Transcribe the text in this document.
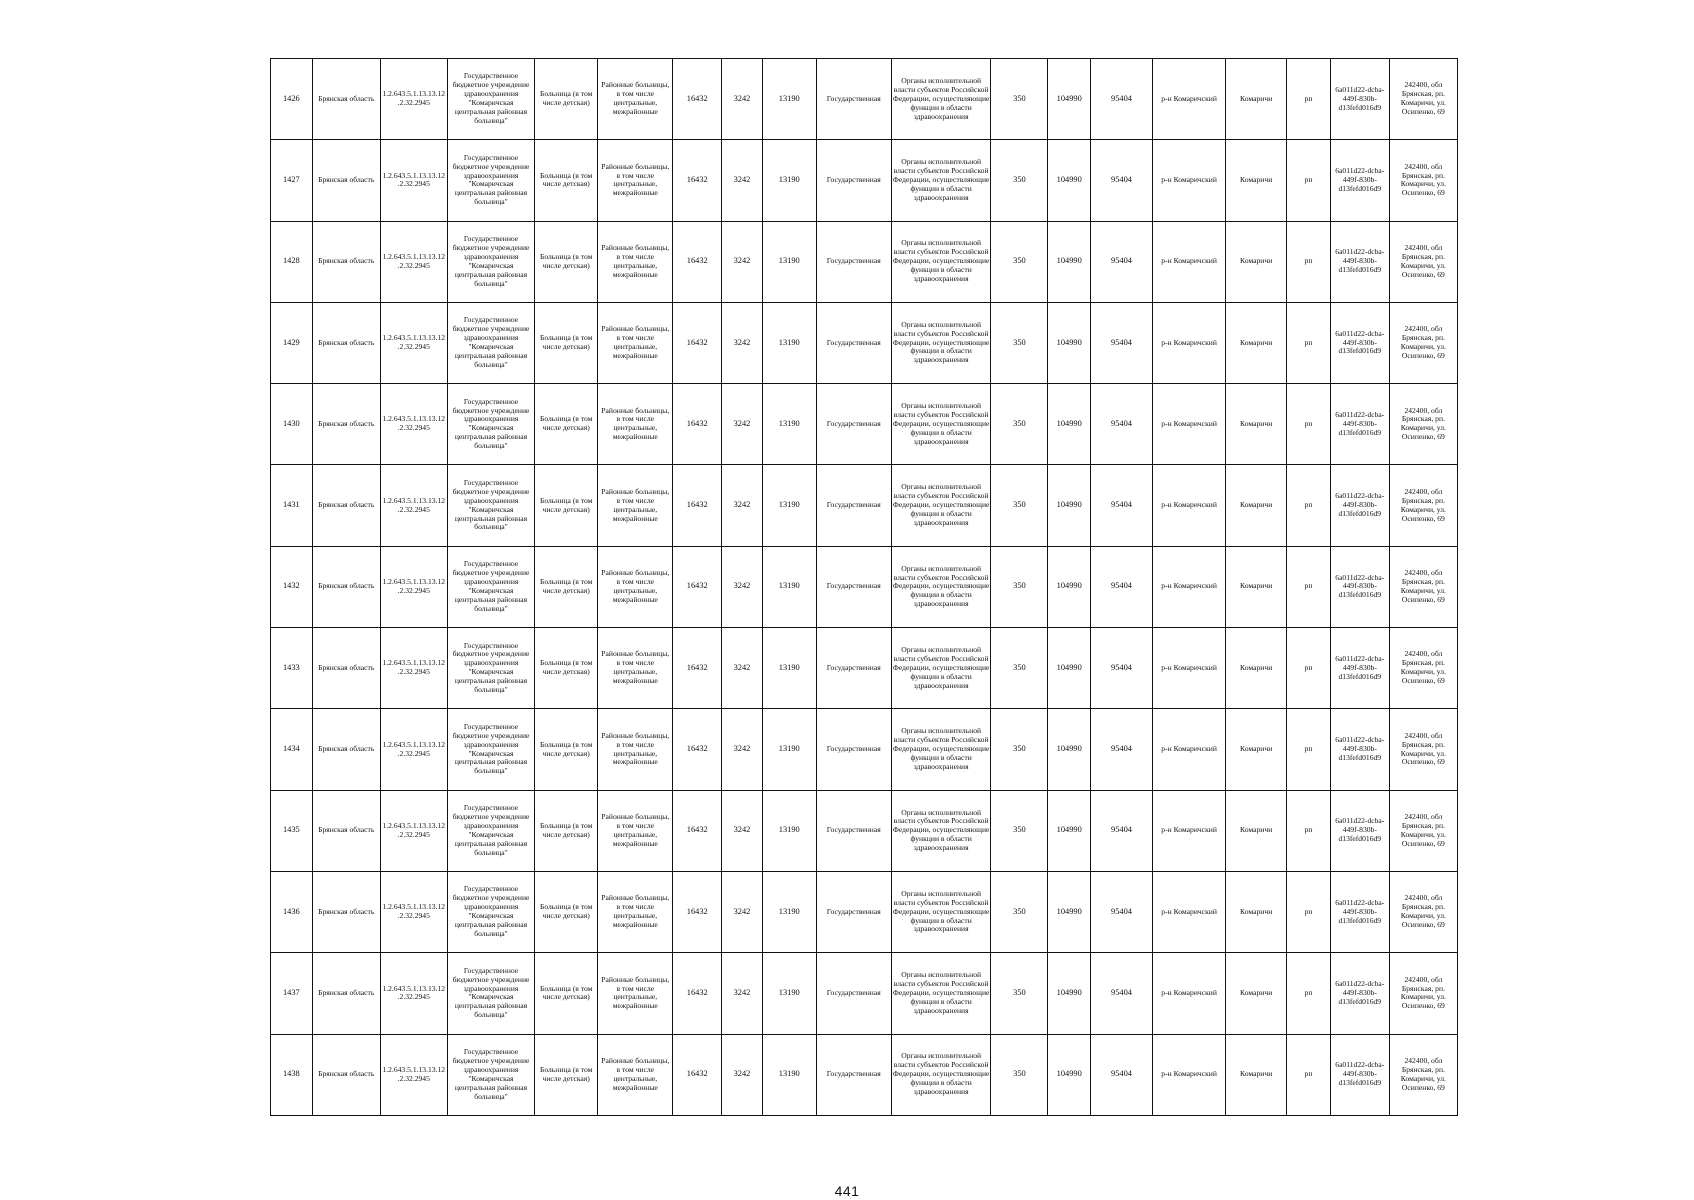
1426	Брянская область	1.2.643.5.1.13.13.12.2.32.2945	Государственное бюджетное учреждение здравоохранения "Комаричская центральная районная больница"	Больница (в том числе детская)	Районные больницы, в том числе центральные, межрайонные	16432	3242	13190	Государственная	Органы исполнительной власти субъектов Российской Федерации, осуществляющие функции в области здравоохранения	350	104990	95404	р-н Комаричский	Комаричи	рп	6a011d22-dcba-449f-830b-d13fefd016d9	242400, обл Брянская, рп. Комаричи, ул. Осипенко, 69
1427	Брянская область	1.2.643.5.1.13.13.12.2.32.2945	Государственное бюджетное учреждение здравоохранения "Комаричская центральная районная больница"	Больница (в том числе детская)	Районные больницы, в том числе центральные, межрайонные	16432	3242	13190	Государственная	Органы исполнительной власти субъектов Российской Федерации, осуществляющие функции в области здравоохранения	350	104990	95404	р-н Комаричский	Комаричи	рп	6a011d22-dcba-449f-830b-d13fefd016d9	242400, обл Брянская, рп. Комаричи, ул. Осипенко, 69
1428	Брянская область	1.2.643.5.1.13.13.12.2.32.2945	Государственное бюджетное учреждение здравоохранения "Комаричская центральная районная больница"	Больница (в том числе детская)	Районные больницы, в том числе центральные, межрайонные	16432	3242	13190	Государственная	Органы исполнительной власти субъектов Российской Федерации, осуществляющие функции в области здравоохранения	350	104990	95404	р-н Комаричский	Комаричи	рп	6a011d22-dcba-449f-830b-d13fefd016d9	242400, обл Брянская, рп. Комаричи, ул. Осипенко, 69
1429	Брянская область	1.2.643.5.1.13.13.12.2.32.2945	Государственное бюджетное учреждение здравоохранения "Комаричская центральная районная больница"	Больница (в том числе детская)	Районные больницы, в том числе центральные, межрайонные	16432	3242	13190	Государственная	Органы исполнительной власти субъектов Российской Федерации, осуществляющие функции в области здравоохранения	350	104990	95404	р-н Комаричский	Комаричи	рп	6a011d22-dcba-449f-830b-d13fefd016d9	242400, обл Брянская, рп. Комаричи, ул. Осипенко, 69
1430	Брянская область	1.2.643.5.1.13.13.12.2.32.2945	Государственное бюджетное учреждение здравоохранения "Комаричская центральная районная больница"	Больница (в том числе детская)	Районные больницы, в том числе центральные, межрайонные	16432	3242	13190	Государственная	Органы исполнительной власти субъектов Российской Федерации, осуществляющие функции в области здравоохранения	350	104990	95404	р-н Комаричский	Комаричи	рп	6a011d22-dcba-449f-830b-d13fefd016d9	242400, обл Брянская, рп. Комаричи, ул. Осипенко, 69
1431	Брянская область	1.2.643.5.1.13.13.12.2.32.2945	Государственное бюджетное учреждение здравоохранения "Комаричская центральная районная больница"	Больница (в том числе детская)	Районные больницы, в том числе центральные, межрайонные	16432	3242	13190	Государственная	Органы исполнительной власти субъектов Российской Федерации, осуществляющие функции в области здравоохранения	350	104990	95404	р-н Комаричский	Комаричи	рп	6a011d22-dcba-449f-830b-d13fefd016d9	242400, обл Брянская, рп. Комаричи, ул. Осипенко, 69
1432	Брянская область	1.2.643.5.1.13.13.12.2.32.2945	Государственное бюджетное учреждение здравоохранения "Комаричская центральная районная больница"	Больница (в том числе детская)	Районные больницы, в том числе центральные, межрайонные	16432	3242	13190	Государственная	Органы исполнительной власти субъектов Российской Федерации, осуществляющие функции в области здравоохранения	350	104990	95404	р-н Комаричский	Комаричи	рп	6a011d22-dcba-449f-830b-d13fefd016d9	242400, обл Брянская, рп. Комаричи, ул. Осипенко, 69
1433	Брянская область	1.2.643.5.1.13.13.12.2.32.2945	Государственное бюджетное учреждение здравоохранения "Комаричская центральная районная больница"	Больница (в том числе детская)	Районные больницы, в том числе центральные, межрайонные	16432	3242	13190	Государственная	Органы исполнительной власти субъектов Российской Федерации, осуществляющие функции в области здравоохранения	350	104990	95404	р-н Комаричский	Комаричи	рп	6a011d22-dcba-449f-830b-d13fefd016d9	242400, обл Брянская, рп. Комаричи, ул. Осипенко, 69
1434	Брянская область	1.2.643.5.1.13.13.12.2.32.2945	Государственное бюджетное учреждение здравоохранения "Комаричская центральная районная больница"	Больница (в том числе детская)	Районные больницы, в том числе центральные, межрайонные	16432	3242	13190	Государственная	Органы исполнительной власти субъектов Российской Федерации, осуществляющие функции в области здравоохранения	350	104990	95404	р-н Комаричский	Комаричи	рп	6a011d22-dcba-449f-830b-d13fefd016d9	242400, обл Брянская, рп. Комаричи, ул. Осипенко, 69
1435	Брянская область	1.2.643.5.1.13.13.12.2.32.2945	Государственное бюджетное учреждение здравоохранения "Комаричская центральная районная больница"	Больница (в том числе детская)	Районные больницы, в том числе центральные, межрайонные	16432	3242	13190	Государственная	Органы исполнительной власти субъектов Российской Федерации, осуществляющие функции в области здравоохранения	350	104990	95404	р-н Комаричский	Комаричи	рп	6a011d22-dcba-449f-830b-d13fefd016d9	242400, обл Брянская, рп. Комаричи, ул. Осипенко, 69
1436	Брянская область	1.2.643.5.1.13.13.12.2.32.2945	Государственное бюджетное учреждение здравоохранения "Комаричская центральная районная больница"	Больница (в том числе детская)	Районные больницы, в том числе центральные, межрайонные	16432	3242	13190	Государственная	Органы исполнительной власти субъектов Российской Федерации, осуществляющие функции в области здравоохранения	350	104990	95404	р-н Комаричский	Комаричи	рп	6a011d22-dcba-449f-830b-d13fefd016d9	242400, обл Брянская, рп. Комаричи, ул. Осипенко, 69
1437	Брянская область	1.2.643.5.1.13.13.12.2.32.2945	Государственное бюджетное учреждение здравоохранения "Комаричская центральная районная больница"	Больница (в том числе детская)	Районные больницы, в том числе центральные, межрайонные	16432	3242	13190	Государственная	Органы исполнительной власти субъектов Российской Федерации, осуществляющие функции в области здравоохранения	350	104990	95404	р-н Комаричский	Комаричи	рп	6a011d22-dcba-449f-830b-d13fefd016d9	242400, обл Брянская, рп. Комаричи, ул. Осипенко, 69
1438	Брянская область	1.2.643.5.1.13.13.12.2.32.2945	Государственное бюджетное учреждение здравоохранения "Комаричская центральная районная больница"	Больница (в том числе детская)	Районные больницы, в том числе центральные, межрайонные	16432	3242	13190	Государственная	Органы исполнительной власти субъектов Российской Федерации, осуществляющие функции в области здравоохранения	350	104990	95404	р-н Комаричский	Комаричи	рп	6a011d22-dcba-449f-830b-d13fefd016d9	242400, обл Брянская, рп. Комаричи, ул. Осипенко, 69
441
